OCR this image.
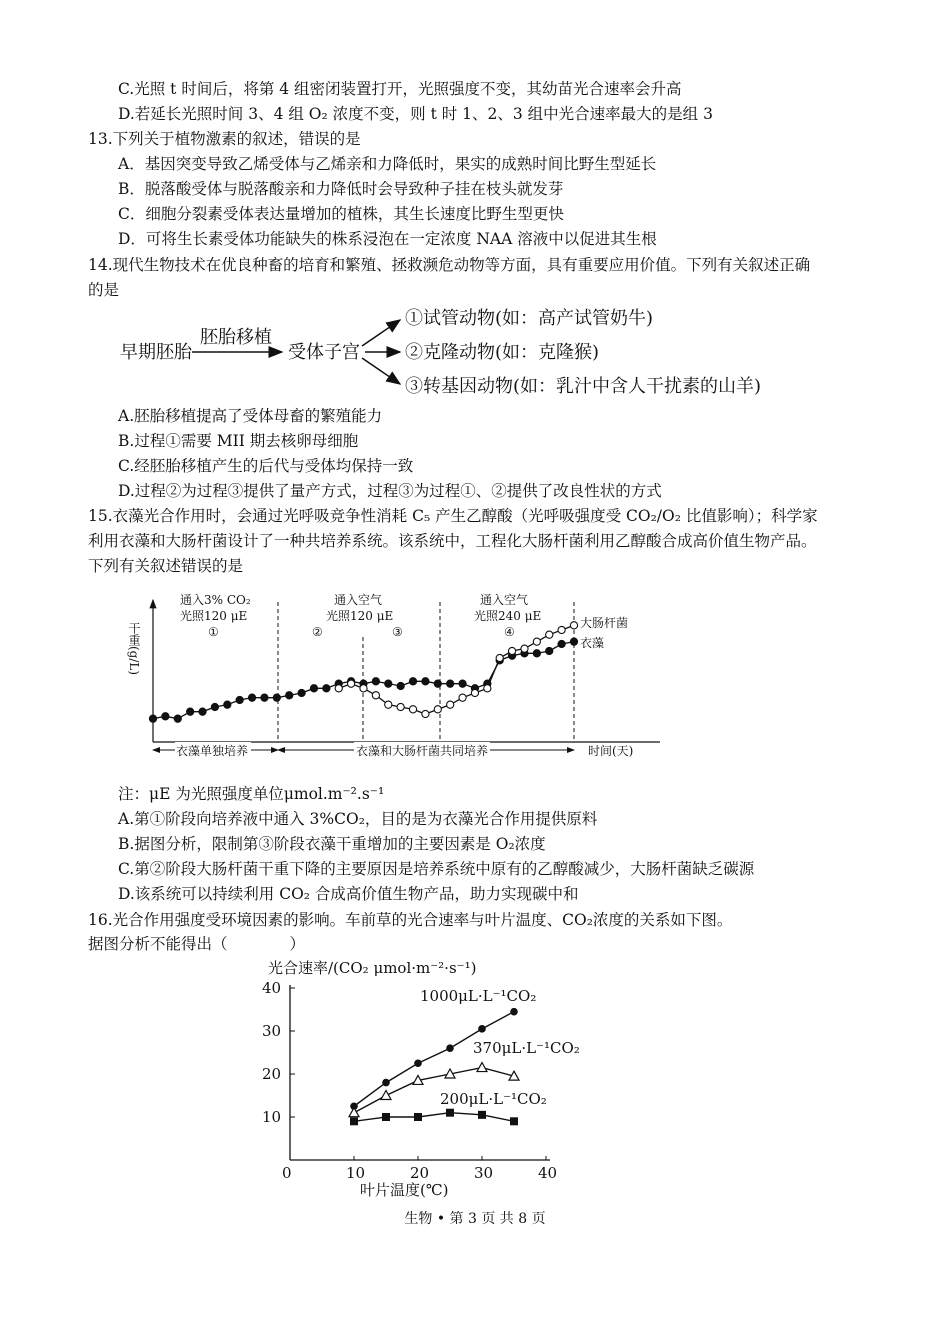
C.光照 t 时间后，将第 4 组密闭装置打开，光照强度不变，其幼苗光合速率会升高
D.若延长光照时间 3、4 组 O₂ 浓度不变，则 t 时 1、2、3 组中光合速率最大的是组 3
13.下列关于植物激素的叙述，错误的是
A．基因突变导致乙烯受体与乙烯亲和力降低时，果实的成熟时间比野生型延长
B．脱落酸受体与脱落酸亲和力降低时会导致种子挂在枝头就发芽
C．细胞分裂素受体表达量增加的植株，其生长速度比野生型更快
D．可将生长素受体功能缺失的株系浸泡在一定浓度 NAA 溶液中以促进其生根
14.现代生物技术在优良种畜的培育和繁殖、拯救濒危动物等方面，具有重要应用价值。下列有关叙述正确
的是
早期胚胎
胚胎移植
受体子宫
①试管动物(如：高产试管奶牛)
②克隆动物(如：克隆猴)
③转基因动物(如：乳汁中含人干扰素的山羊)
A.胚胎移植提高了受体母畜的繁殖能力
B.过程①需要 MII 期去核卵母细胞
C.经胚胎移植产生的后代与受体均保持一致
D.过程②为过程③提供了量产方式，过程③为过程①、②提供了改良性状的方式
15.衣藻光合作用时，会通过光呼吸竞争性消耗 C₅ 产生乙醇酸（光呼吸强度受 CO₂/O₂ 比值影响）；科学家
利用衣藻和大肠杆菌设计了一种共培养系统。该系统中，工程化大肠杆菌利用乙醇酸合成高价值生物产品。
下列有关叙述错误的是
干重(g/L)
通入3% CO₂
光照120 μE
①
通入空气
光照120 μE
②	③
通入空气
光照240 μE
④
大肠杆菌
衣藻
衣藻单独培养	衣藻和大肠杆菌共同培养	时间(天)
注：μE 为光照强度单位μmol.m⁻².s⁻¹
A.第①阶段向培养液中通入 3%CO₂，目的是为衣藻光合作用提供原料
B.据图分析，限制第③阶段衣藻干重增加的主要因素是 O₂浓度
C.第②阶段大肠杆菌干重下降的主要原因是培养系统中原有的乙醇酸减少，大肠杆菌缺乏碳源
D.该系统可以持续利用 CO₂ 合成高价值生物产品，助力实现碳中和
16.光合作用强度受环境因素的影响。车前草的光合速率与叶片温度、CO₂浓度的关系如下图。
据图分析不能得出（　　　　）
光合速率/(CO₂ μmol·m⁻²·s⁻¹)
0	10	20	30	40
10
20
30
40
叶片温度(℃)
1000μL·L⁻¹CO₂
370μL·L⁻¹CO₂
200μL·L⁻¹CO₂
生物 • 第 3 页 共 8 页
